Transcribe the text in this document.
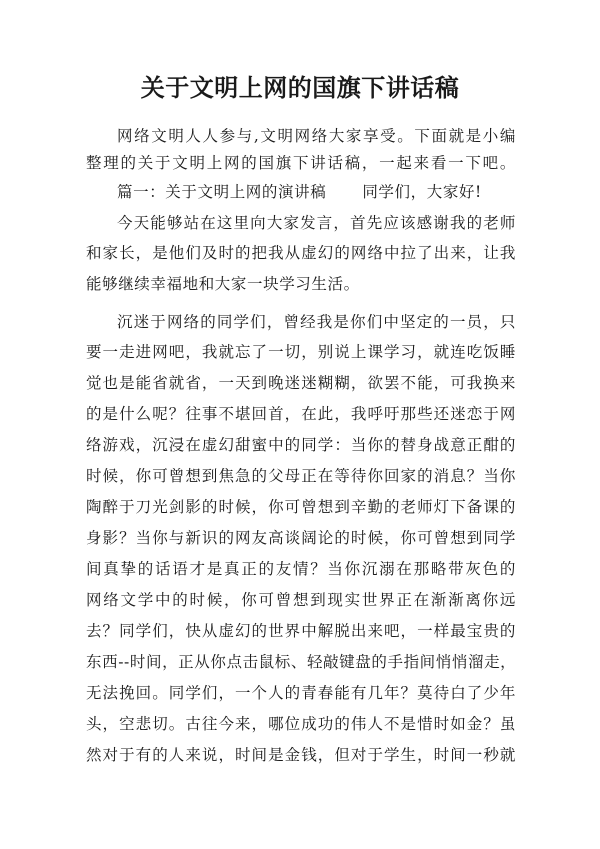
关于文明上网的国旗下讲话稿

网络文明人人参与,文明网络大家享受。下面就是小编

整理的关于文明上网的国旗下讲话稿，一起来看一下吧。

篇一：关于文明上网的演讲稿 同学们，大家好!

今天能够站在这里向大家发言，首先应该感谢我的老师

和家长，是他们及时的把我从虚幻的网络中拉了出来，让我

能够继续幸福地和大家一块学习生活。

沉迷于网络的同学们，曾经我是你们中坚定的一员，只

要一走进网吧，我就忘了一切，别说上课学习，就连吃饭睡

觉也是能省就省，一天到晚迷迷糊糊，欲罢不能，可我换来

的是什么呢？往事不堪回首，在此，我呼吁那些还迷恋于网

络游戏，沉浸在虚幻甜蜜中的同学：当你的替身战意正酣的

时候，你可曾想到焦急的父母正在等待你回家的消息？当你

陶醉于刀光剑影的时候，你可曾想到辛勤的老师灯下备课的

身影？当你与新识的网友高谈阔论的时候，你可曾想到同学

间真挚的话语才是真正的友情？当你沉溺在那略带灰色的

网络文学中的时候，你可曾想到现实世界正在渐渐离你远

去？同学们，快从虚幻的世界中解脱出来吧，一样最宝贵的

东西--时间，正从你点击鼠标、轻敲键盘的手指间悄悄溜走，

无法挽回。同学们，一个人的青春能有几年？莫待白了少年

头，空悲切。古往今来，哪位成功的伟人不是惜时如金？虽

然对于有的人来说，时间是金钱，但对于学生，时间一秒就
